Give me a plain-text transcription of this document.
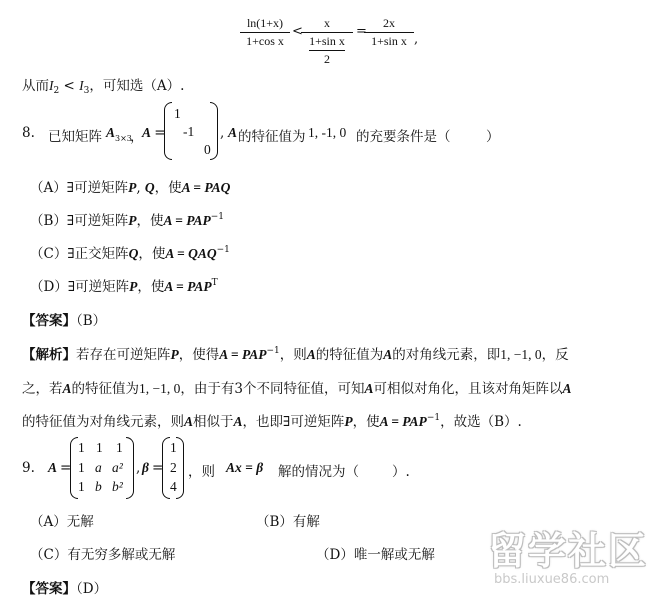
ln(1+x)
1+cos x
<
x
1+sin x
2
=
2x
1+sin x ,
从而$I_2 < I_3$，可知选（A）.
8. 已知矩阵 A 3×3
，
A
=
1
-1
0
, A 的特征值为 1, -1, 0 的充要条件是（	）
（A）∃可逆矩阵P, Q，使A = PAQ
（B）∃可逆矩阵P，使$A = PAP^{-1}$
（C）∃正交矩阵Q，使$A = QAQ^{-1}$
（D）∃可逆矩阵P，使$A = PAP^T$
【答案】（B）
【解析】若存在可逆矩阵P，使得$A = PAP^{-1}$，则A的特征值为A的对角线元素，即1, −1, 0，反
之，若A的特征值为1, −1, 0，由于有3个不同特征值，可知A可相似对角化，且该对角矩阵以A
的特征值为对角线元素，则A相似于A，也即∃可逆矩阵P，使$A = PAP^{-1}$，故选（B）.
9. A =
1 1 1
1 a a²
1 b b²
, β =
1
2
4
，则 Ax = β 解的情况为（ ）.
（A）无解	（B）有解
（C）有无穷多解或无解	（D）唯一解或无解
【答案】（D）
留学社区
bbs.liuxue86.com
